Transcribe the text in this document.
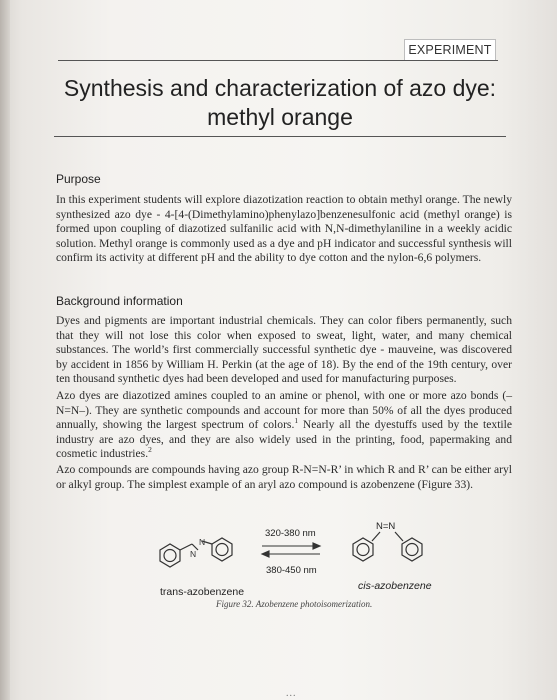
EXPERIMENT
Synthesis and characterization of azo dye: methyl orange
Purpose

In this experiment students will explore diazotization reaction to obtain methyl orange. The newly synthesized azo dye - 4-[4-(Dimethylamino)phenylazo]benzenesulfonic acid (methyl orange) is formed upon coupling of diazotized sulfanilic acid with N,N-dimethylaniline in a weekly acidic solution. Methyl orange is commonly used as a dye and pH indicator and successful synthesis will confirm its activity at different pH and the ability to dye cotton and the nylon-6,6 polymers.

Background information

Dyes and pigments are important industrial chemicals. They can color fibers permanently, such that they will not lose this color when exposed to sweat, light, water, and many chemical substances. The world’s first commercially successful synthetic dye - mauveine, was discovered by accident in 1856 by William H. Perkin (at the age of 18). By the end of the 19th century, over ten thousand synthetic dyes had been developed and used for manufacturing purposes.

Azo dyes are diazotized amines coupled to an amine or phenol, with one or more azo bonds (–N=N–). They are synthetic compounds and account for more than 50% of all the dyes produced annually, showing the largest spectrum of colors.$^1$ Nearly all the dyestuffs used by the textile industry are azo dyes, and they are also widely used in the printing, food, papermaking and cosmetic industries.$^2$

Azo compounds are compounds having azo group R-N=N-R’ in which R and R’ can be either aryl or alkyl group. The simplest example of an aryl azo compound is azobenzene (Figure 33).

N
N
320-380 nm
380-450 nm
N=N
trans-azobenzene	cis-azobenzene

Figure 32. Azobenzene photoisomerization.

...
